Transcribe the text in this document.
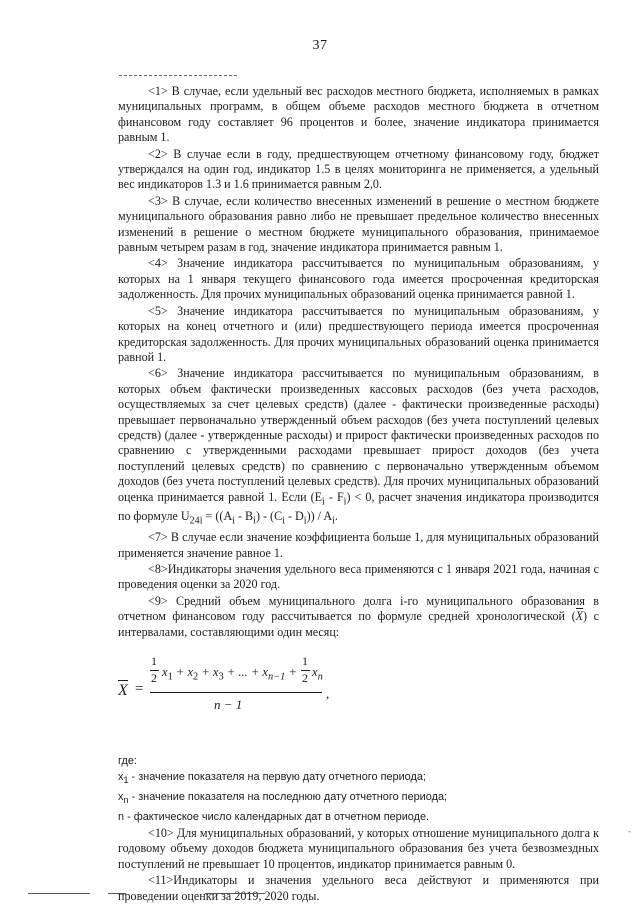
37

<1> В случае, если удельный вес расходов местного бюджета, исполняемых в рамках муниципальных программ, в общем объеме расходов местного бюджета в отчетном финансовом году составляет 96 процентов и более, значение индикатора принимается равным 1.

<2> В случае если в году, предшествующем отчетному финансовому году, бюджет утверждался на один год, индикатор 1.5 в целях мониторинга не применяется, а удельный вес индикаторов 1.3 и 1.6 принимается равным 2,0.

<3> В случае, если количество внесенных изменений в решение о местном бюджете муниципального образования равно либо не превышает предельное количество внесенных изменений в решение о местном бюджете муниципального образования, принимаемое равным четырем разам в год, значение индикатора принимается равным 1.

<4> Значение индикатора рассчитывается по муниципальным образованиям, у которых на 1 января текущего финансового года имеется просроченная кредиторская задолженность. Для прочих муниципальных образований оценка принимается равной 1.

<5> Значение индикатора рассчитывается по муниципальным образованиям, у которых на конец отчетного и (или) предшествующего периода имеется просроченная кредиторская задолженность. Для прочих муниципальных образований оценка принимается равной 1.

<6> Значение индикатора рассчитывается по муниципальным образованиям, в которых объем фактически произведенных кассовых расходов (без учета расходов, осуществляемых за счет целевых средств) (далее - фактически произведенные расходы) превышает первоначально утвержденный объем расходов (без учета поступлений целевых средств) (далее - утвержденные расходы) и прирост фактически произведенных расходов по сравнению с утвержденными расходами превышает прирост доходов (без учета поступлений целевых средств) по сравнению с первоначально утвержденным объемом доходов (без учета поступлений целевых средств). Для прочих муниципальных образований оценка принимается равной 1. Если $(E_i - F_i) < 0$, расчет значения индикатора производится по формуле $U_{24i} = ((A_i - B_i) - (C_i - D_i)) / A_i$.

<7> В случае если значение коэффициента больше 1, для муниципальных образований применяется значение равное 1.

<8>Индикаторы значения удельного веса применяются с 1 января 2021 года, начиная с проведения оценки за 2020 год.

<9> Средний объем муниципального долга i-го муниципального образования в отчетном финансовом году рассчитывается по формуле средней хронологической (X) с интервалами, составляющими один месяц:

X =
1
2 $x_1 + x_2 + x_3$ + ... + $x_{n-1}$ +
1
2 $x_n$
n − 1
,

где:

$x_1$ - значение показателя на первую дату отчетного периода;

$x_n$ - значение показателя на последнюю дату отчетного периода;

n - фактическое число календарных дат в отчетном периоде.

<10> Для муниципальных образований, у которых отношение муниципального долга к годовому объему доходов бюджета муниципального образования без учета безвозмездных поступлений не превышает 10 процентов, индикатор принимается равным 0.

<11>Индикаторы и значения удельного веса действуют и применяются при проведении оценки за 2019, 2020 годы.

-
